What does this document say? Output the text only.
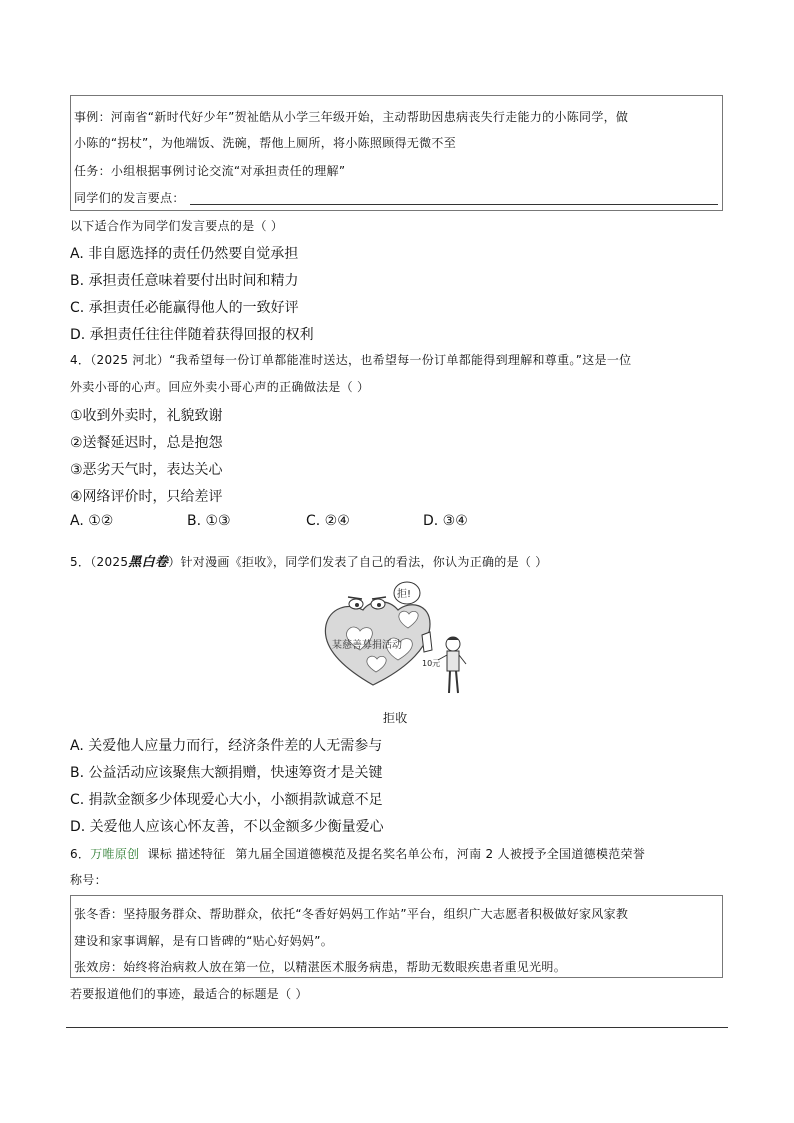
事例：河南省“新时代好少年”贺祉皓从小学三年级开始，主动帮助因患病丧失行走能力的小陈同学，做
小陈的“拐杖”，为他端饭、洗碗，帮他上厕所，将小陈照顾得无微不至
任务：小组根据事例讨论交流“对承担责任的理解”
同学们的发言要点：
以下适合作为同学们发言要点的是（ ）
A. 非自愿选择的责任仍然要自觉承担
B. 承担责任意味着要付出时间和精力
C. 承担责任必能赢得他人的一致好评
D. 承担责任往往伴随着获得回报的权利
4．（2025 河北）“我希望每一份订单都能准时送达，也希望每一份订单都能得到理解和尊重。”这是一位
外卖小哥的心声。回应外卖小哥心声的正确做法是（ ）
①收到外卖时，礼貌致谢
②送餐延迟时，总是抱怨
③恶劣天气时，表达关心
④网络评价时，只给差评
A. ①②	B. ①③	C. ②④	D. ③④
5．（2025黑白卷）针对漫画《拒收》，同学们发表了自己的看法，你认为正确的是（ ）
某慈善募捐活动
拒!
10元
拒收
A. 关爱他人应量力而行，经济条件差的人无需参与
B. 公益活动应该聚焦大额捐赠，快速筹资才是关键
C. 捐款金额多少体现爱心大小，小额捐款诚意不足
D. 关爱他人应该心怀友善，不以金额多少衡量爱心
6．万唯原创 课标 描述特征 第九届全国道德模范及提名奖名单公布，河南 2 人被授予全国道德模范荣誉
称号：
张冬香：坚持服务群众、帮助群众，依托“冬香好妈妈工作站”平台，组织广大志愿者积极做好家风家教
建设和家事调解，是有口皆碑的“贴心好妈妈”。
张效房：始终将治病救人放在第一位，以精湛医术服务病患，帮助无数眼疾患者重见光明。
若要报道他们的事迹，最适合的标题是（ ）
